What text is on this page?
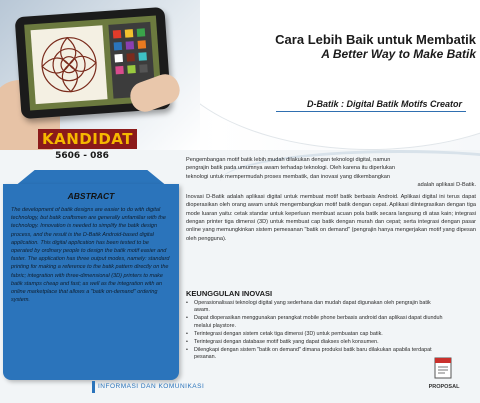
KANDIDAT
5606 - 086
Cara Lebih Baik untuk Membatik
A Better Way to Make Batik
D-Batik : Digital Batik Motifs Creator

Pengembangan motif batik lebih mudah dilakukan dengan teknologi digital, namun

pengrajin batik pada umumnya awam terhadap teknologi. Oleh karena itu diperlukan

teknologi untuk mempermudah proses membatik, dan inovasi yang dikembangkan

adalah aplikasi D-Batik.

Inovasi D-Batik adalah aplikasi digital untuk membuat motif batik berbasis Android. Aplikasi digital ini terus dapat dioperasikan oleh orang awam untuk mengembangkan motif batik dengan cepat. Aplikasi diintegrasikan dengan tiga mode luaran yaitu: cetak standar untuk keperluan membuat acuan pola batik secara langsung di atas kain; integrasi dengan printer tiga dimensi (3D) untuk membuat cap batik dengan murah dan cepat; serta integrasi dengan pasar online yang memungkinkan sistem pemesanan "batik on demand" (pengrajin hanya mengerjakan motif yang dipesan oleh pengguna).

KEUNGGULAN INOVASI
• Operasionalisasi teknologi digital yang sederhana dan mudah dapat digunakan oleh pengrajin batik awam.
• Dapat dioperasikan menggunakan perangkat mobile phone berbasis android dan aplikasi dapat diunduh melalui playstore.
• Terintegrasi dengan sistem cetak tiga dimensi (3D) untuk pembuatan cap batik.
• Terintegrasi dengan database motif batik yang dapat diakses oleh konsumen.
• Dilengkapi dengan sistem "batik on demand" dimana produksi batik baru dilakukan apabila terdapat pesanan.
ABSTRACT
The development of batik designs are easier to do with digital technology, but batik craftsmen are generally unfamiliar with the technology. Innovation is needed to simplify the batik design process, and the result is the D-Batik Android-based digital application. This digital application has been tested to be operated by ordinary people to design the batik motif easier and faster. The application has three output modes, namely: standard printing for making a reference to the batik pattern directly on the fabric; integration with three-dimensional (3D) printers to make batik stamps cheap and fast; as well as the integration with an online marketplace that allows a "batik on-demand" ordering system.
INFORMASI DAN KOMUNIKASI	PROPOSAL
